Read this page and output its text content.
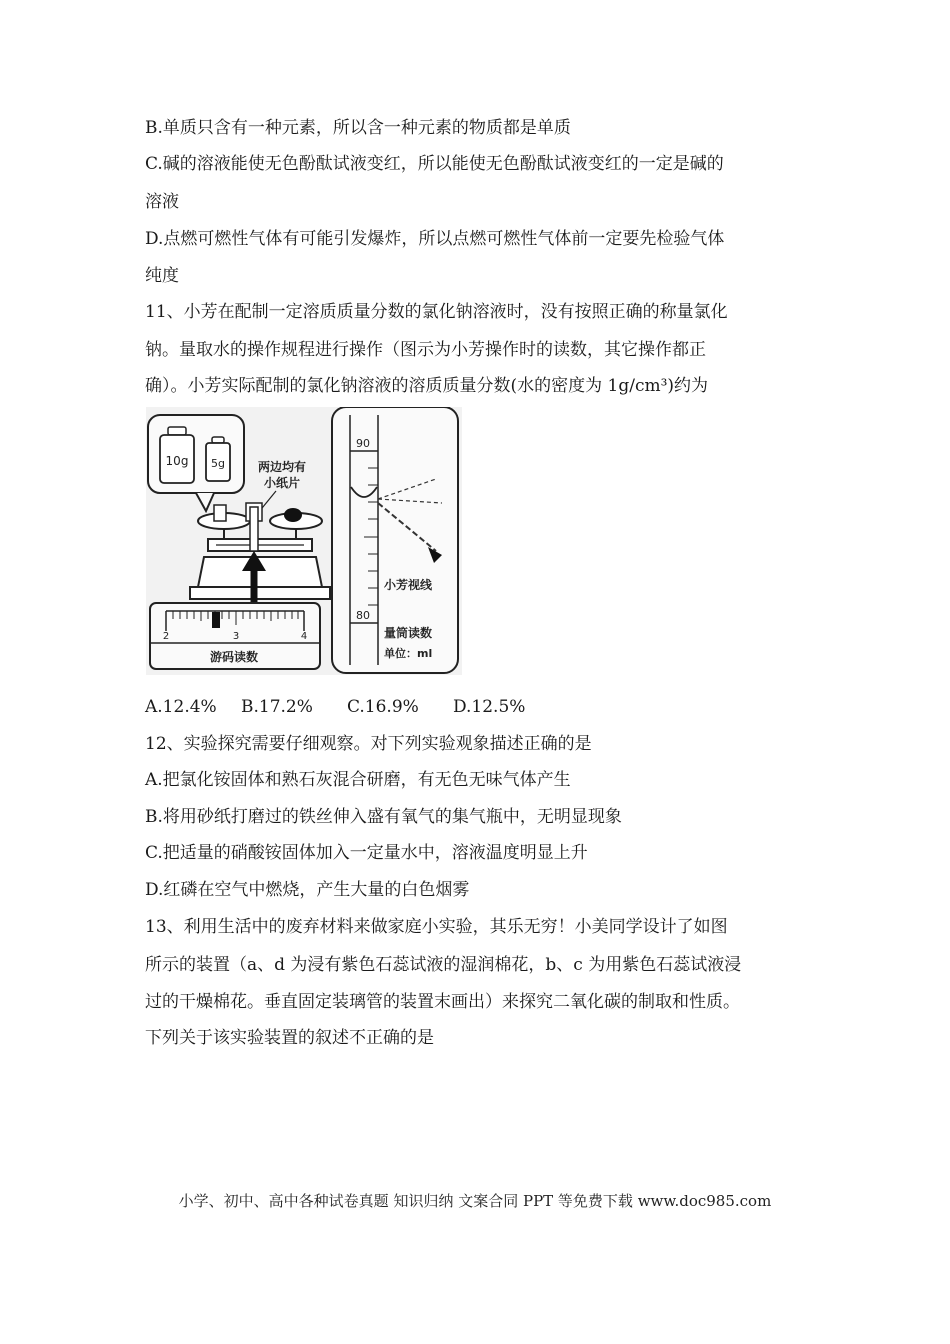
B.单质只含有一种元素，所以含一种元素的物质都是单质
C.碱的溶液能使无色酚酞试液变红，所以能使无色酚酞试液变红的一定是碱的
溶液
D.点燃可燃性气体有可能引发爆炸，所以点燃可燃性气体前一定要先检验气体
纯度
11、小芳在配制一定溶质质量分数的氯化钠溶液时，没有按照正确的称量氯化
钠。量取水的操作规程进行操作（图示为小芳操作时的读数，其它操作都正
确）。小芳实际配制的氯化钠溶液的溶质质量分数(水的密度为 1g/cm³)约为
10g 5g	两边均有
小纸片
2	3	4
游码读数
90
80
小芳视线
量筒读数
单位：ml
A.12.4% B.17.2% C.16.9% D.12.5%
12、实验探究需要仔细观察。对下列实验观象描述正确的是
A.把氯化铵固体和熟石灰混合研磨，有无色无味气体产生
B.将用砂纸打磨过的铁丝伸入盛有氧气的集气瓶中，无明显现象
C.把适量的硝酸铵固体加入一定量水中，溶液温度明显上升
D.红磷在空气中燃烧，产生大量的白色烟雾
13、利用生活中的废弃材料来做家庭小实验，其乐无穷！小美同学设计了如图
所示的装置（a、d 为浸有紫色石蕊试液的湿润棉花，b、c 为用紫色石蕊试液浸
过的干燥棉花。垂直固定装璃管的装置末画出）来探究二氧化碳的制取和性质。
下列关于该实验装置的叙述不正确的是
小学、初中、高中各种试卷真题 知识归纳 文案合同 PPT 等免费下载 www.doc985.com
